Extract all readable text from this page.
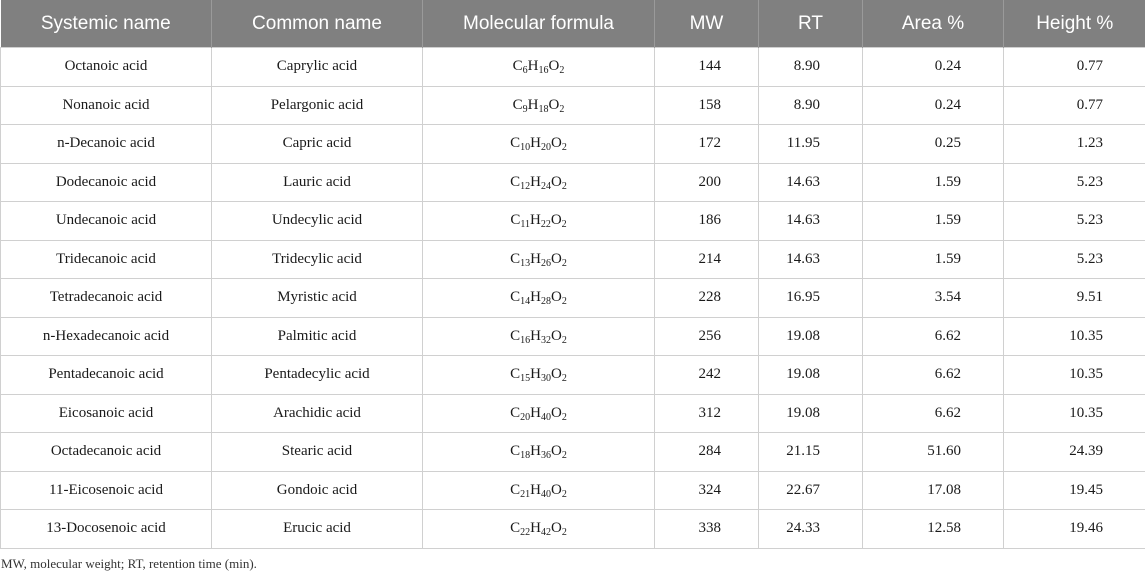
Systemic name	Common name	Molecular formula	MW	RT	Area %	Height %
Octanoic acid	Caprylic acid	$C_6H_{16}O_2$	144	8.90	0.24	0.77
Nonanoic acid	Pelargonic acid	$C_9H_{18}O_2$	158	8.90	0.24	0.77
n-Decanoic acid	Capric acid	$C_{10}H_{20}O_2$	172	11.95	0.25	1.23
Dodecanoic acid	Lauric acid	$C_{12}H_{24}O_2$	200	14.63	1.59	5.23
Undecanoic acid	Undecylic acid	$C_{11}H_{22}O_2$	186	14.63	1.59	5.23
Tridecanoic acid	Tridecylic acid	$C_{13}H_{26}O_2$	214	14.63	1.59	5.23
Tetradecanoic acid	Myristic acid	$C_{14}H_{28}O_2$	228	16.95	3.54	9.51
n-Hexadecanoic acid	Palmitic acid	$C_{16}H_{32}O_2$	256	19.08	6.62	10.35
Pentadecanoic acid	Pentadecylic acid	$C_{15}H_{30}O_2$	242	19.08	6.62	10.35
Eicosanoic acid	Arachidic acid	$C_{20}H_{40}O_2$	312	19.08	6.62	10.35
Octadecanoic acid	Stearic acid	$C_{18}H_{36}O_2$	284	21.15	51.60	24.39
11-Eicosenoic acid	Gondoic acid	$C_{21}H_{40}O_2$	324	22.67	17.08	19.45
13-Docosenoic acid	Erucic acid	$C_{22}H_{42}O_2$	338	24.33	12.58	19.46
MW, molecular weight; RT, retention time (min).
